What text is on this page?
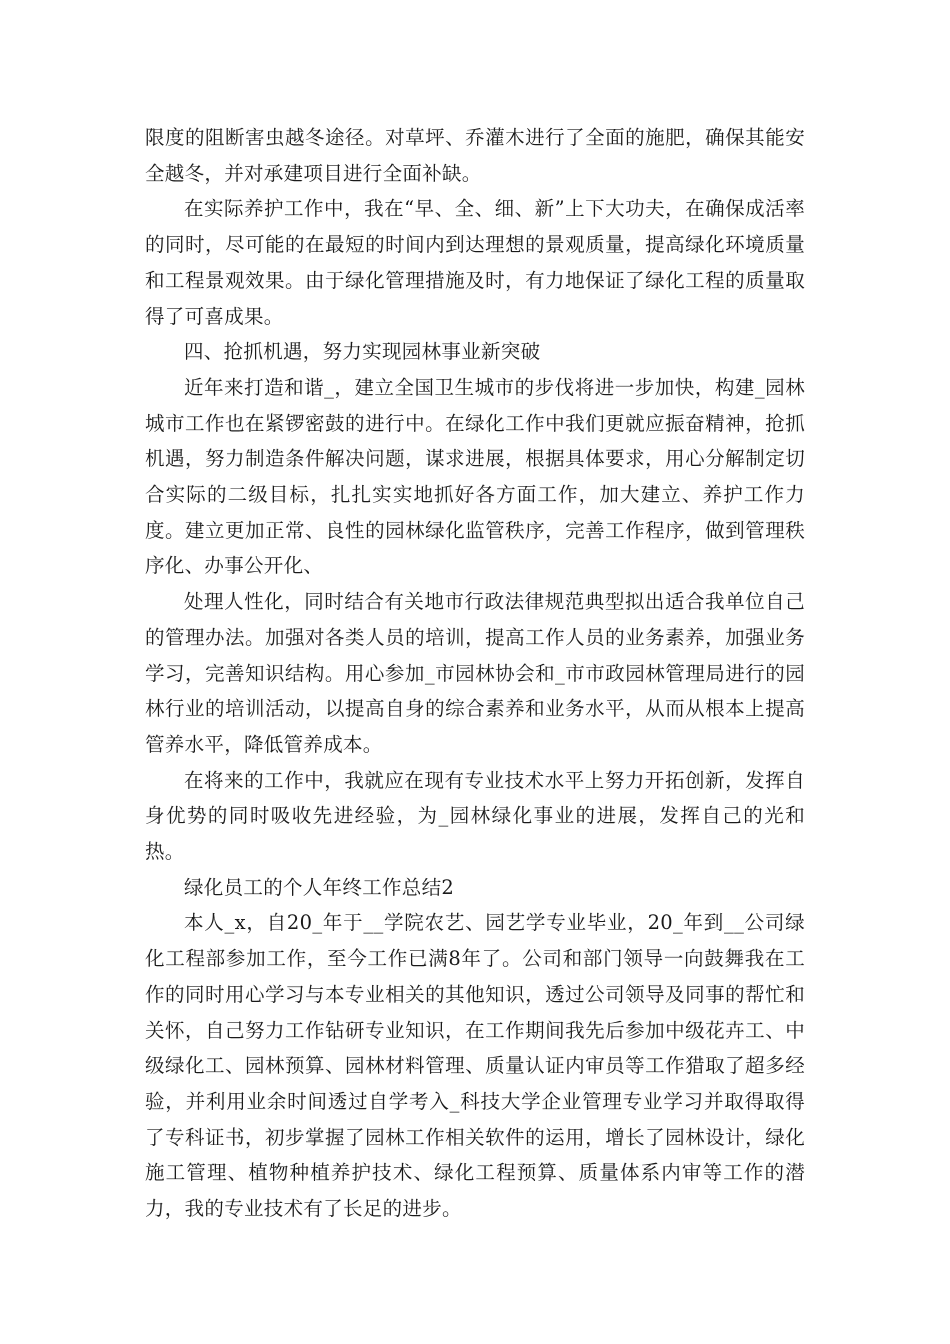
限度的阻断害虫越冬途径。对草坪、乔灌木进行了全面的施肥，确保其能安全越冬，并对承建项目进行全面补缺。

在实际养护工作中，我在“早、全、细、新”上下大功夫，在确保成活率的同时，尽可能的在最短的时间内到达理想的景观质量，提高绿化环境质量和工程景观效果。由于绿化管理措施及时，有力地保证了绿化工程的质量取得了可喜成果。

四、抢抓机遇，努力实现园林事业新突破

近年来打造和谐_，建立全国卫生城市的步伐将进一步加快，构建_园林城市工作也在紧锣密鼓的进行中。在绿化工作中我们更就应振奋精神，抢抓机遇，努力制造条件解决问题，谋求进展，根据具体要求，用心分解制定切合实际的二级目标，扎扎实实地抓好各方面工作，加大建立、养护工作力度。建立更加正常、良性的园林绿化监管秩序，完善工作程序，做到管理秩序化、办事公开化、

处理人性化，同时结合有关地市行政法律规范典型拟出适合我单位自己的管理办法。加强对各类人员的培训，提高工作人员的业务素养，加强业务学习，完善知识结构。用心参加_市园林协会和_市市政园林管理局进行的园林行业的培训活动，以提高自身的综合素养和业务水平，从而从根本上提高管养水平，降低管养成本。

在将来的工作中，我就应在现有专业技术水平上努力开拓创新，发挥自身优势的同时吸收先进经验，为_园林绿化事业的进展，发挥自己的光和热。

绿化员工的个人年终工作总结2

本人_x，自20_年于__学院农艺、园艺学专业毕业，20_年到__公司绿化工程部参加工作，至今工作已满8年了。公司和部门领导一向鼓舞我在工作的同时用心学习与本专业相关的其他知识，透过公司领导及同事的帮忙和关怀，自己努力工作钻研专业知识，在工作期间我先后参加中级花卉工、中级绿化工、园林预算、园林材料管理、质量认证内审员等工作猎取了超多经验，并利用业余时间透过自学考入_科技大学企业管理专业学习并取得取得了专科证书，初步掌握了园林工作相关软件的运用，增长了园林设计，绿化施工管理、植物种植养护技术、绿化工程预算、质量体系内审等工作的潜力，我的专业技术有了长足的进步。
